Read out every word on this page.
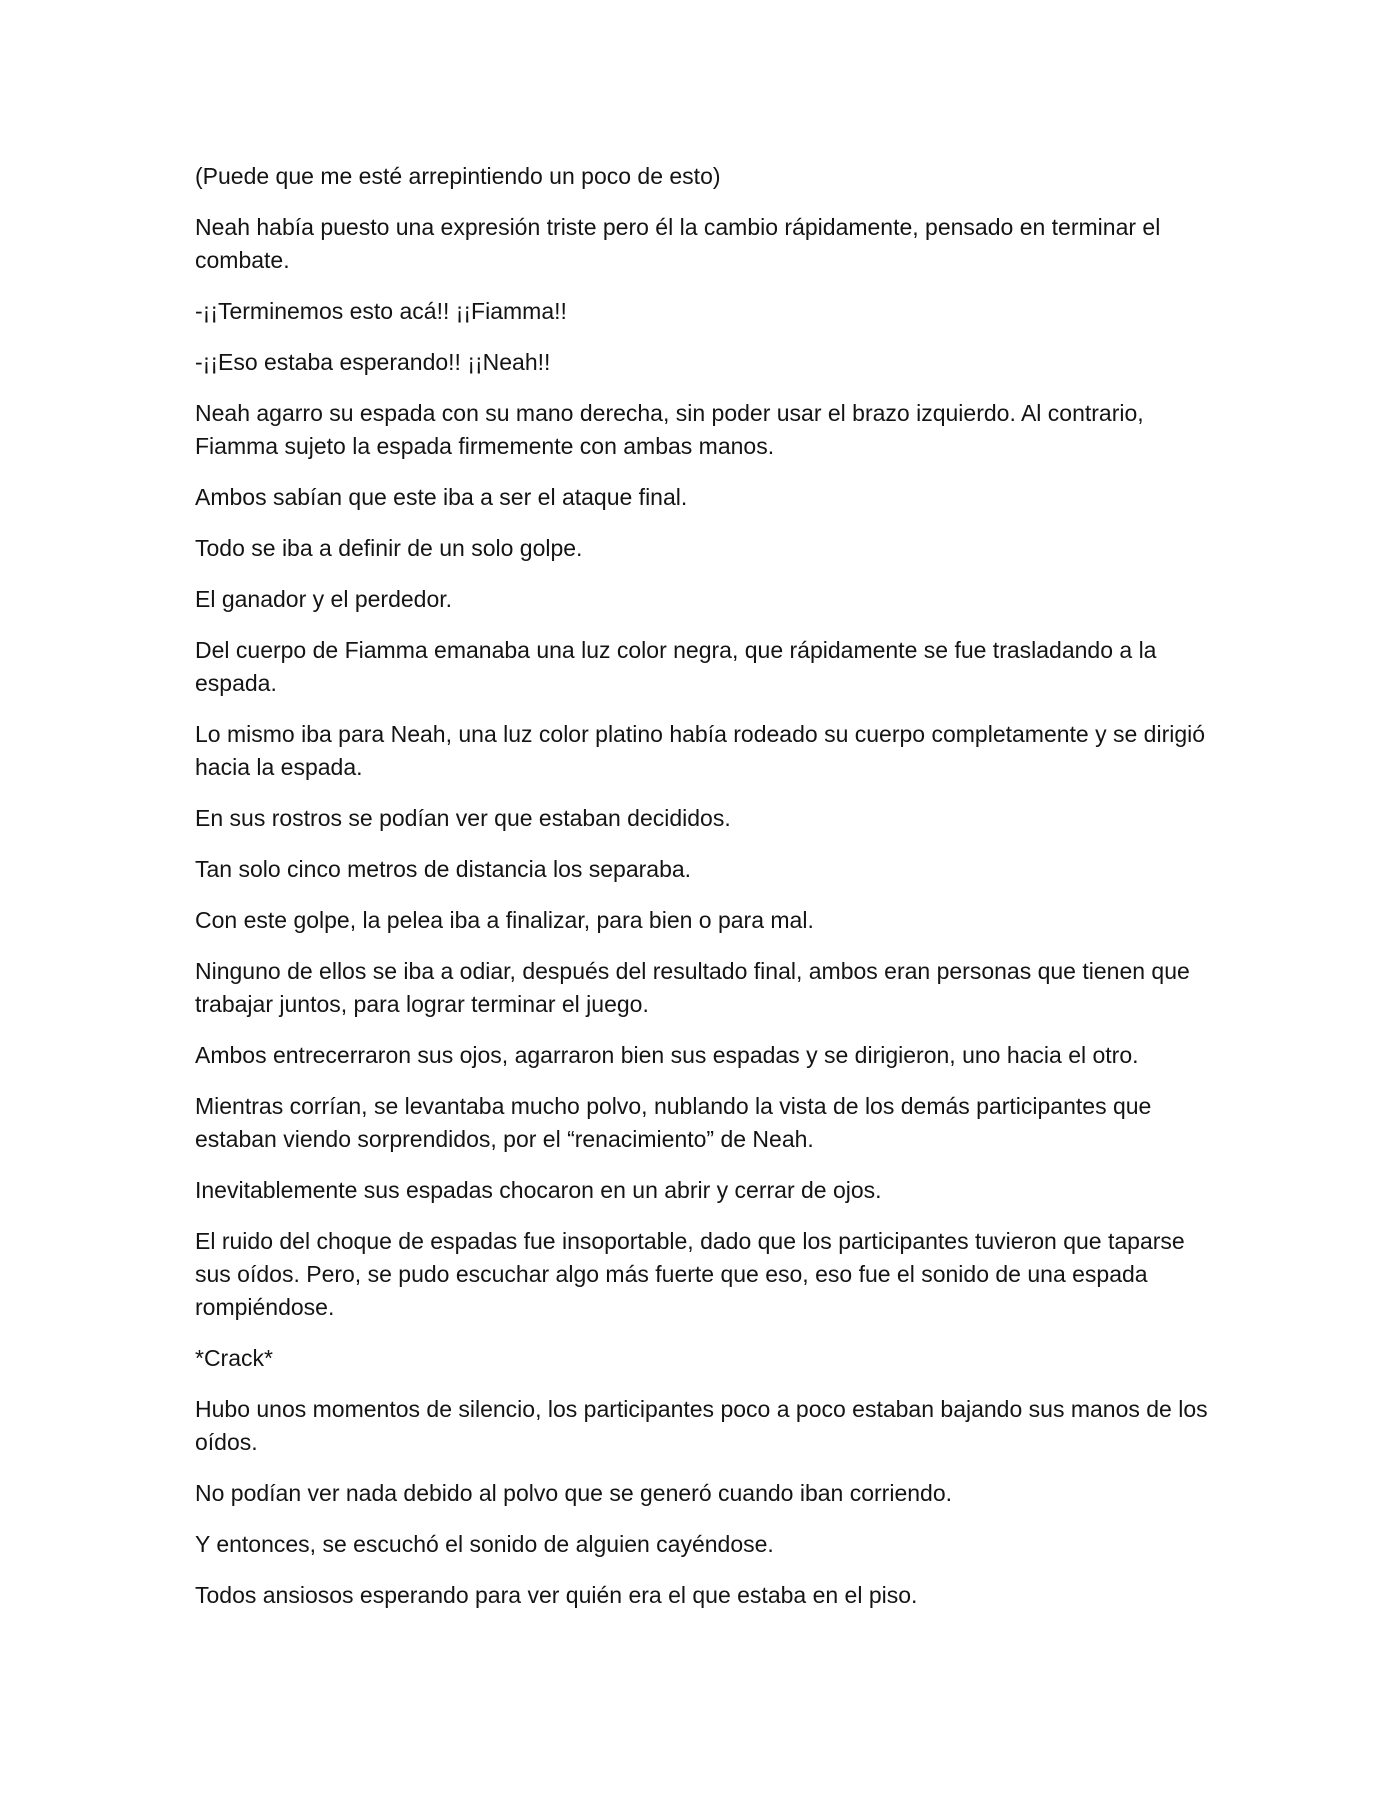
(Puede que me esté arrepintiendo un poco de esto)

Neah había puesto una expresión triste pero él la cambio rápidamente, pensado en terminar el combate.

-¡¡Terminemos esto acá!! ¡¡Fiamma!!

-¡¡Eso estaba esperando!! ¡¡Neah!!

Neah agarro su espada con su mano derecha, sin poder usar el brazo izquierdo. Al contrario, Fiamma sujeto la espada firmemente con ambas manos.

Ambos sabían que este iba a ser el ataque final.

Todo se iba a definir de un solo golpe.

El ganador y el perdedor.

Del cuerpo de Fiamma emanaba una luz color negra, que rápidamente se fue trasladando a la espada.

Lo mismo iba para Neah, una luz color platino había rodeado su cuerpo completamente y se dirigió hacia la espada.

En sus rostros se podían ver que estaban decididos.

Tan solo cinco metros de distancia los separaba.

Con este golpe, la pelea iba a finalizar, para bien o para mal.

Ninguno de ellos se iba a odiar, después del resultado final, ambos eran personas que tienen que trabajar juntos, para lograr terminar el juego.

Ambos entrecerraron sus ojos, agarraron bien sus espadas y se dirigieron, uno hacia el otro.

Mientras corrían, se levantaba mucho polvo, nublando la vista de los demás participantes que estaban viendo sorprendidos, por el “renacimiento” de Neah.

Inevitablemente sus espadas chocaron en un abrir y cerrar de ojos.

El ruido del choque de espadas fue insoportable, dado que los participantes tuvieron que taparse sus oídos. Pero, se pudo escuchar algo más fuerte que eso, eso fue el sonido de una espada rompiéndose.

*Crack*

Hubo unos momentos de silencio, los participantes poco a poco estaban bajando sus manos de los oídos.

No podían ver nada debido al polvo que se generó cuando iban corriendo.

Y entonces, se escuchó el sonido de alguien cayéndose.

Todos ansiosos esperando para ver quién era el que estaba en el piso.
